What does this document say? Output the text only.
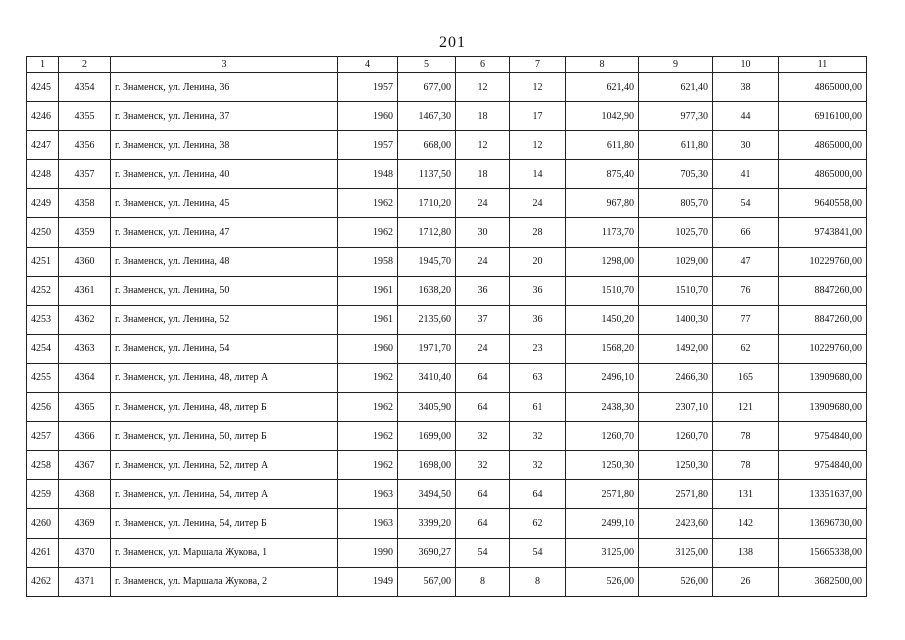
201
1	2	3	4	5	6	7	8	9	10	11
4245	4354	г. Знаменск, ул. Ленина, 36	1957	677,00	12	12	621,40	621,40	38	4865000,00
4246	4355	г. Знаменск, ул. Ленина, 37	1960	1467,30	18	17	1042,90	977,30	44	6916100,00
4247	4356	г. Знаменск, ул. Ленина, 38	1957	668,00	12	12	611,80	611,80	30	4865000,00
4248	4357	г. Знаменск, ул. Ленина, 40	1948	1137,50	18	14	875,40	705,30	41	4865000,00
4249	4358	г. Знаменск, ул. Ленина, 45	1962	1710,20	24	24	967,80	805,70	54	9640558,00
4250	4359	г. Знаменск, ул. Ленина, 47	1962	1712,80	30	28	1173,70	1025,70	66	9743841,00
4251	4360	г. Знаменск, ул. Ленина, 48	1958	1945,70	24	20	1298,00	1029,00	47	10229760,00
4252	4361	г. Знаменск, ул. Ленина, 50	1961	1638,20	36	36	1510,70	1510,70	76	8847260,00
4253	4362	г. Знаменск, ул. Ленина, 52	1961	2135,60	37	36	1450,20	1400,30	77	8847260,00
4254	4363	г. Знаменск, ул. Ленина, 54	1960	1971,70	24	23	1568,20	1492,00	62	10229760,00
4255	4364	г. Знаменск, ул. Ленина, 48, литер А	1962	3410,40	64	63	2496,10	2466,30	165	13909680,00
4256	4365	г. Знаменск, ул. Ленина, 48, литер Б	1962	3405,90	64	61	2438,30	2307,10	121	13909680,00
4257	4366	г. Знаменск, ул. Ленина, 50, литер Б	1962	1699,00	32	32	1260,70	1260,70	78	9754840,00
4258	4367	г. Знаменск, ул. Ленина, 52, литер А	1962	1698,00	32	32	1250,30	1250,30	78	9754840,00
4259	4368	г. Знаменск, ул. Ленина, 54, литер А	1963	3494,50	64	64	2571,80	2571,80	131	13351637,00
4260	4369	г. Знаменск, ул. Ленина, 54, литер Б	1963	3399,20	64	62	2499,10	2423,60	142	13696730,00
4261	4370	г. Знаменск, ул. Маршала Жукова, 1	1990	3690,27	54	54	3125,00	3125,00	138	15665338,00
4262	4371	г. Знаменск, ул. Маршала Жукова, 2	1949	567,00	8	8	526,00	526,00	26	3682500,00
